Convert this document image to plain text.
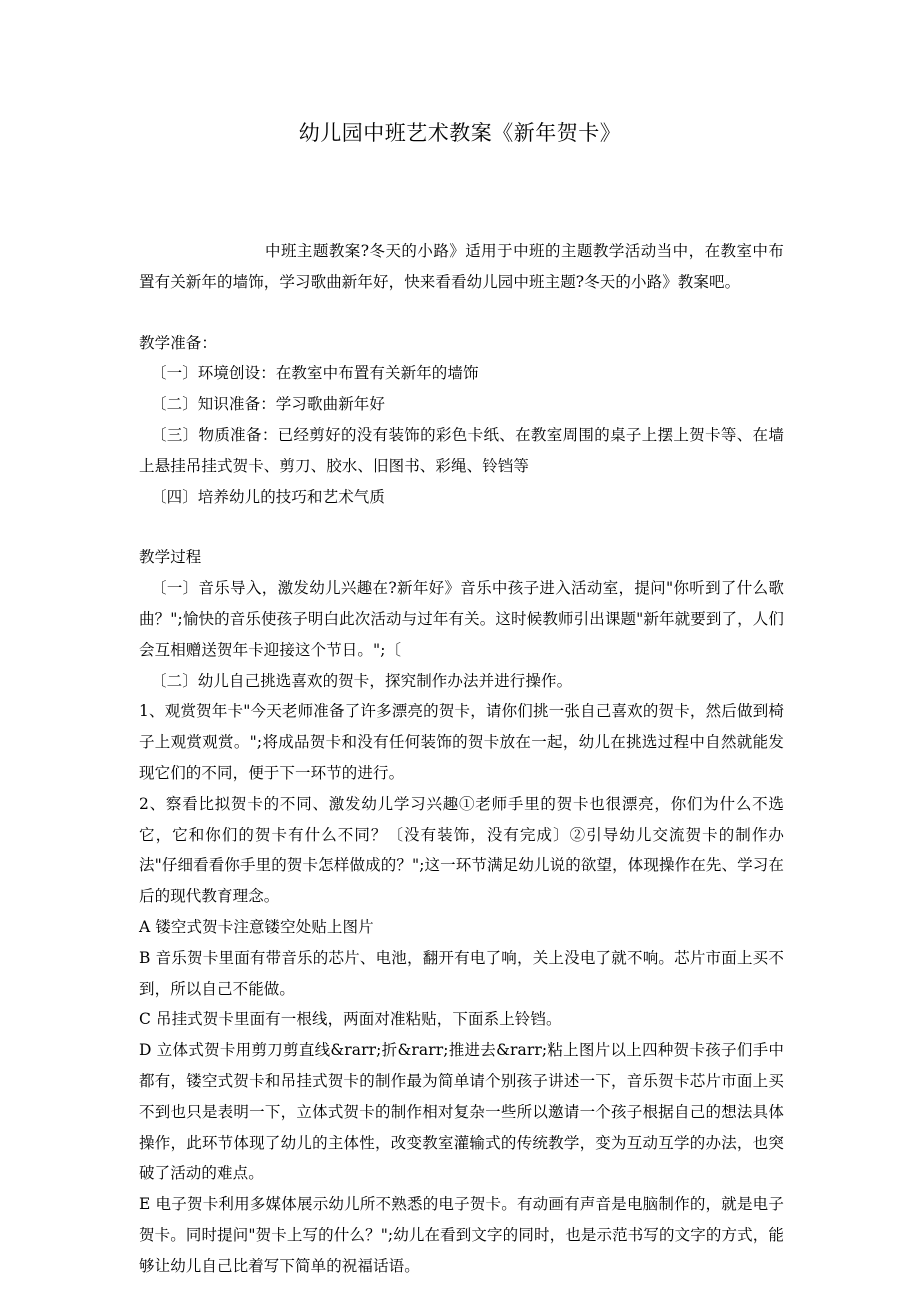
幼儿园中班艺术教案《新年贺卡》

中班主题教案?冬天的小路》适用于中班的主题教学活动当中，在教室中布置有关新年的墙饰，学习歌曲新年好，快来看看幼儿园中班主题?冬天的小路》教案吧。

教学准备：

〔一〕环境创设：在教室中布置有关新年的墙饰

〔二〕知识准备：学习歌曲新年好

〔三〕物质准备：已经剪好的没有装饰的彩色卡纸、在教室周围的桌子上摆上贺卡等、在墙上悬挂吊挂式贺卡、剪刀、胶水、旧图书、彩绳、铃铛等

〔四〕培养幼儿的技巧和艺术气质

教学过程

〔一〕音乐导入，激发幼儿兴趣在?新年好》音乐中孩子进入活动室，提问"你听到了什么歌曲？";愉快的音乐使孩子明白此次活动与过年有关。这时候教师引出课题"新年就要到了，人们会互相赠送贺年卡迎接这个节日。";〔

〔二〕幼儿自己挑选喜欢的贺卡，探究制作办法并进行操作。

1、观赏贺年卡"今天老师准备了许多漂亮的贺卡，请你们挑一张自己喜欢的贺卡，然后做到椅子上观赏观赏。";将成品贺卡和没有任何装饰的贺卡放在一起，幼儿在挑选过程中自然就能发现它们的不同，便于下一环节的进行。

2、察看比拟贺卡的不同、激发幼儿学习兴趣①老师手里的贺卡也很漂亮，你们为什么不选它，它和你们的贺卡有什么不同？〔没有装饰，没有完成〕②引导幼儿交流贺卡的制作办法"仔细看看你手里的贺卡怎样做成的？";这一环节满足幼儿说的欲望，体现操作在先、学习在后的现代教育理念。

A 镂空式贺卡注意镂空处贴上图片

B 音乐贺卡里面有带音乐的芯片、电池，翻开有电了响，关上没电了就不响。芯片市面上买不到，所以自己不能做。

C 吊挂式贺卡里面有一根线，两面对准粘贴，下面系上铃铛。

D 立体式贺卡用剪刀剪直线&rarr;折&rarr;推进去&rarr;粘上图片以上四种贺卡孩子们手中都有，镂空式贺卡和吊挂式贺卡的制作最为简单请个别孩子讲述一下，音乐贺卡芯片市面上买不到也只是表明一下，立体式贺卡的制作相对复杂一些所以邀请一个孩子根据自己的想法具体操作，此环节体现了幼儿的主体性，改变教室灌输式的传统教学，变为互动互学的办法，也突破了活动的难点。

E 电子贺卡利用多媒体展示幼儿所不熟悉的电子贺卡。有动画有声音是电脑制作的，就是电子贺卡。同时提问"贺卡上写的什么？";幼儿在看到文字的同时，也是示范书写的文字的方式，能够让幼儿自己比着写下简单的祝福话语。
